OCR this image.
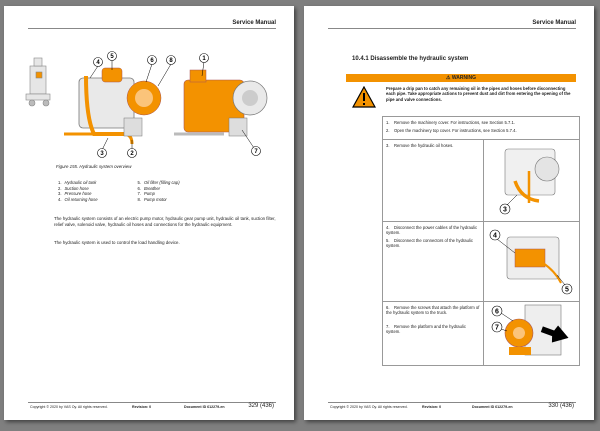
Service Manual
4
5
6	8	1
3	2	7
Figure 155. Hydraulic system overview
1.	Hydraulic oil tank	5.	Oil filter (filling cap)
2.	Suction hose	6.	Breather
3.	Pressure hose	7.	Pump
4.	Oil returning hose	8.	Pump motor
The hydraulic system consists of an electric pump motor, hydraulic gear pump unit, hydraulic oil tank, suction filter, relief valve, solenoid valve, hydraulic oil hoses and connections for the hydraulic equipment.
The hydraulic system is used to control the load handling device.
Copyright © 2020 by VAS Oy. All rights reserved.	Revision: 0	Document ID 612279-en	329 (436)
Service Manual
10.4.1 Disassemble the hydraulic system
⚠ WARNING
Prepare a drip pan to catch any remaining oil in the pipes and hoses before disconnecting each pipe. Take appropriate actions to prevent dust and dirt from entering the opening of the pipe and valve connections.
1. Remove the machinery cover. For instructions, see Section 5.7.1.
2. Open the machinery top cover. For instructions, see Section 5.7.4.
3. Remove the hydraulic oil hoses.
3
4. Disconnect the power cables of the hydraulic system.
5. Disconnect the connectors of the hydraulic system.
4
5
6. Remove the screws that attach the platform of the hydraulic system to the truck.
7. Remove the platform and the hydraulic system.
6
7
Copyright © 2020 by VAS Oy. All rights reserved.	Revision: 0	Document ID 612279-en	330 (436)
